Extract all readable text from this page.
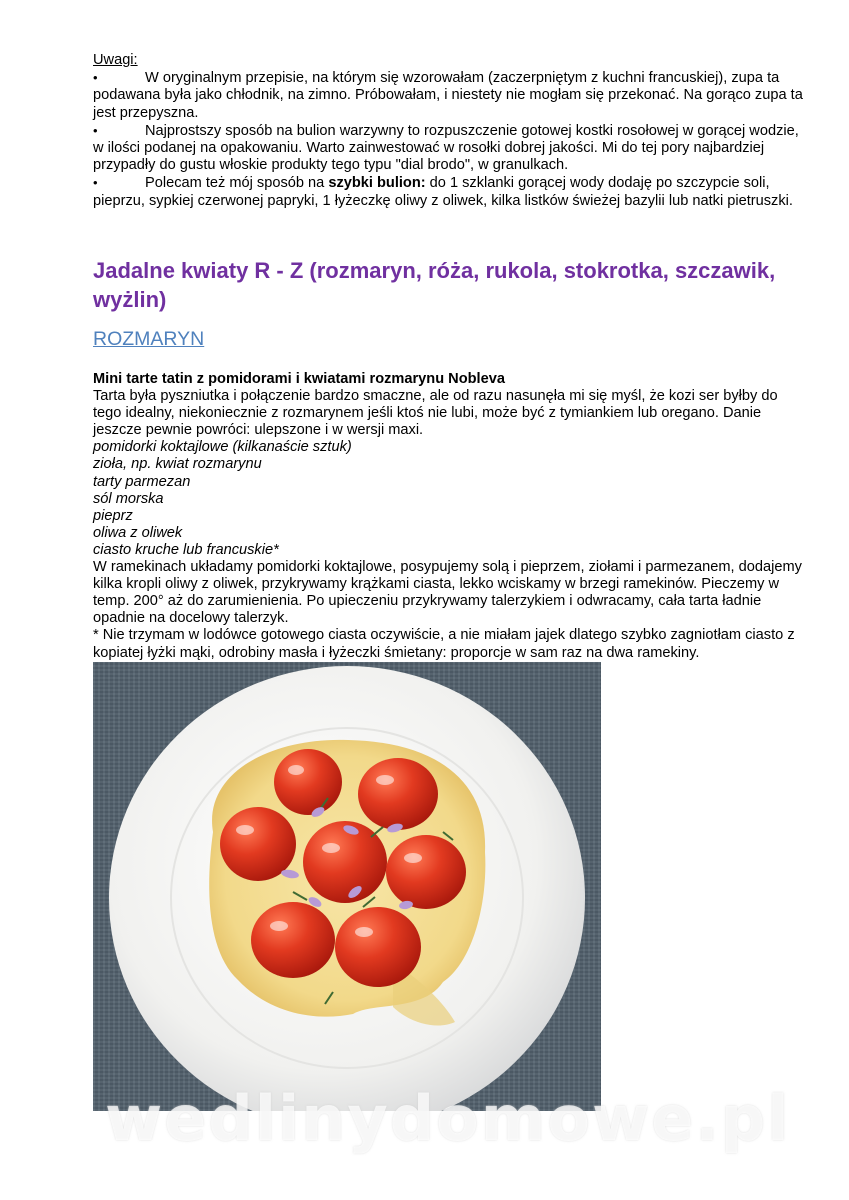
Uwagi:
•W oryginalnym przepisie, na którym się wzorowałam (zaczerpniętym z kuchni francuskiej), zupa ta podawana była jako chłodnik, na zimno. Próbowałam, i niestety nie mogłam się przekonać. Na gorąco zupa ta jest przepyszna.
•Najprostszy sposób na bulion warzywny to rozpuszczenie gotowej kostki rosołowej w gorącej wodzie, w ilości podanej na opakowaniu. Warto zainwestować w rosołki dobrej jakości. Mi do tej pory najbardziej przypadły do gustu włoskie produkty tego typu "dial brodo", w granulkach.
•Polecam też mój sposób na szybki bulion: do 1 szklanki gorącej wody dodaję po szczypcie soli, pieprzu, sypkiej czerwonej papryki, 1 łyżeczkę oliwy z oliwek, kilka listków świeżej bazylii lub natki pietruszki.
Jadalne kwiaty R - Z (rozmaryn, róża, rukola, stokrotka, szczawik, wyżlin)
ROZMARYN
Mini tarte tatin z pomidorami i kwiatami rozmarynu Nobleva
Tarta była pyszniutka i połączenie bardzo smaczne, ale od razu nasunęła mi się myśl, że kozi ser byłby do tego idealny, niekoniecznie z rozmarynem jeśli ktoś nie lubi, może być z tymiankiem lub oregano. Danie jeszcze pewnie powróci: ulepszone i w wersji maxi.
pomidorki koktajlowe (kilkanaście sztuk)
zioła, np. kwiat rozmarynu
tarty parmezan
sól morska
pieprz
oliwa z oliwek
ciasto kruche lub francuskie*
W ramekinach układamy pomidorki koktajlowe, posypujemy solą i pieprzem, ziołami i parmezanem, dodajemy kilka kropli oliwy z oliwek, przykrywamy krążkami ciasta, lekko wciskamy w brzegi ramekinów. Pieczemy w temp. 200° aż do zarumienienia. Po upieczeniu przykrywamy talerzykiem i odwracamy, cała tarta ładnie opadnie na docelowy talerzyk.
* Nie trzymam w lodówce gotowego ciasta oczywiście, a nie miałam jajek dlatego szybko zagniotłam ciasto z kopiatej łyżki mąki, odrobiny masła i łyżeczki śmietany: proporcje w sam raz na dwa ramekiny.
wedlinydomowe.pl
